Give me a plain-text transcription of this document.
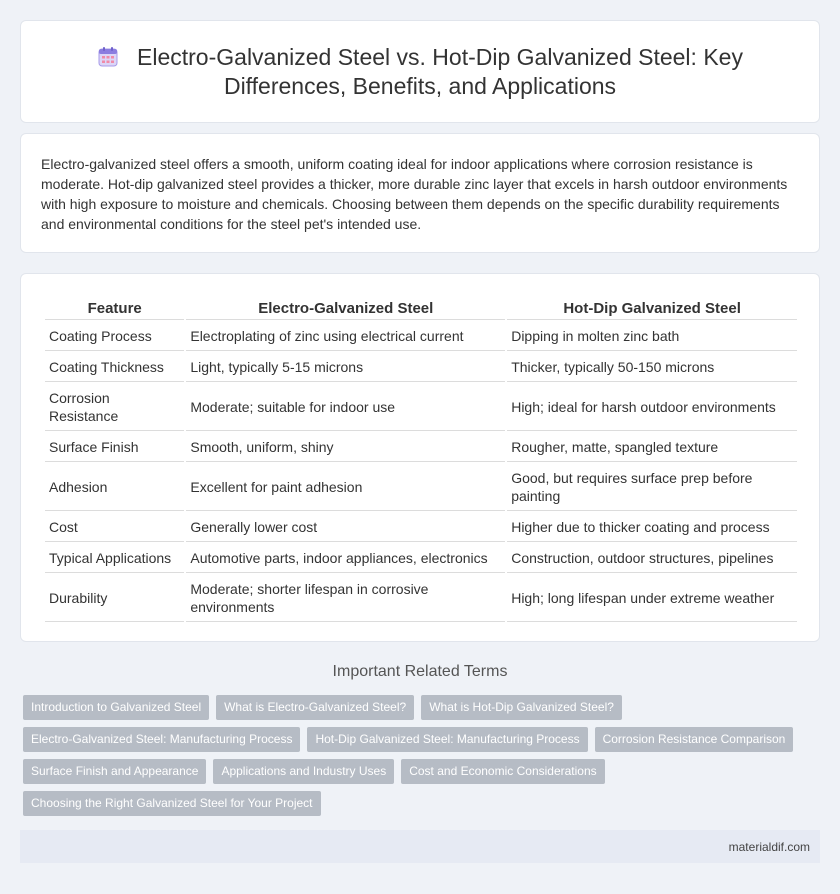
Electro-Galvanized Steel vs. Hot-Dip Galvanized Steel: Key Differences, Benefits, and Applications

Electro-galvanized steel offers a smooth, uniform coating ideal for indoor applications where corrosion resistance is moderate. Hot-dip galvanized steel provides a thicker, more durable zinc layer that excels in harsh outdoor environments with high exposure to moisture and chemicals. Choosing between them depends on the specific durability requirements and environmental conditions for the steel pet's intended use.

Feature	Electro-Galvanized Steel	Hot-Dip Galvanized Steel
Coating Process	Electroplating of zinc using electrical current	Dipping in molten zinc bath
Coating Thickness	Light, typically 5-15 microns	Thicker, typically 50-150 microns
Corrosion Resistance	Moderate; suitable for indoor use	High; ideal for harsh outdoor environments
Surface Finish	Smooth, uniform, shiny	Rougher, matte, spangled texture
Adhesion	Excellent for paint adhesion	Good, but requires surface prep before painting
Cost	Generally lower cost	Higher due to thicker coating and process
Typical Applications	Automotive parts, indoor appliances, electronics	Construction, outdoor structures, pipelines
Durability	Moderate; shorter lifespan in corrosive environments	High; long lifespan under extreme weather
Important Related Terms
Introduction to Galvanized Steel	What is Electro-Galvanized Steel?	What is Hot-Dip Galvanized Steel?
Electro-Galvanized Steel: Manufacturing Process	Hot-Dip Galvanized Steel: Manufacturing Process	Corrosion Resistance Comparison
Surface Finish and Appearance	Applications and Industry Uses	Cost and Economic Considerations
Choosing the Right Galvanized Steel for Your Project
materialdif.com
